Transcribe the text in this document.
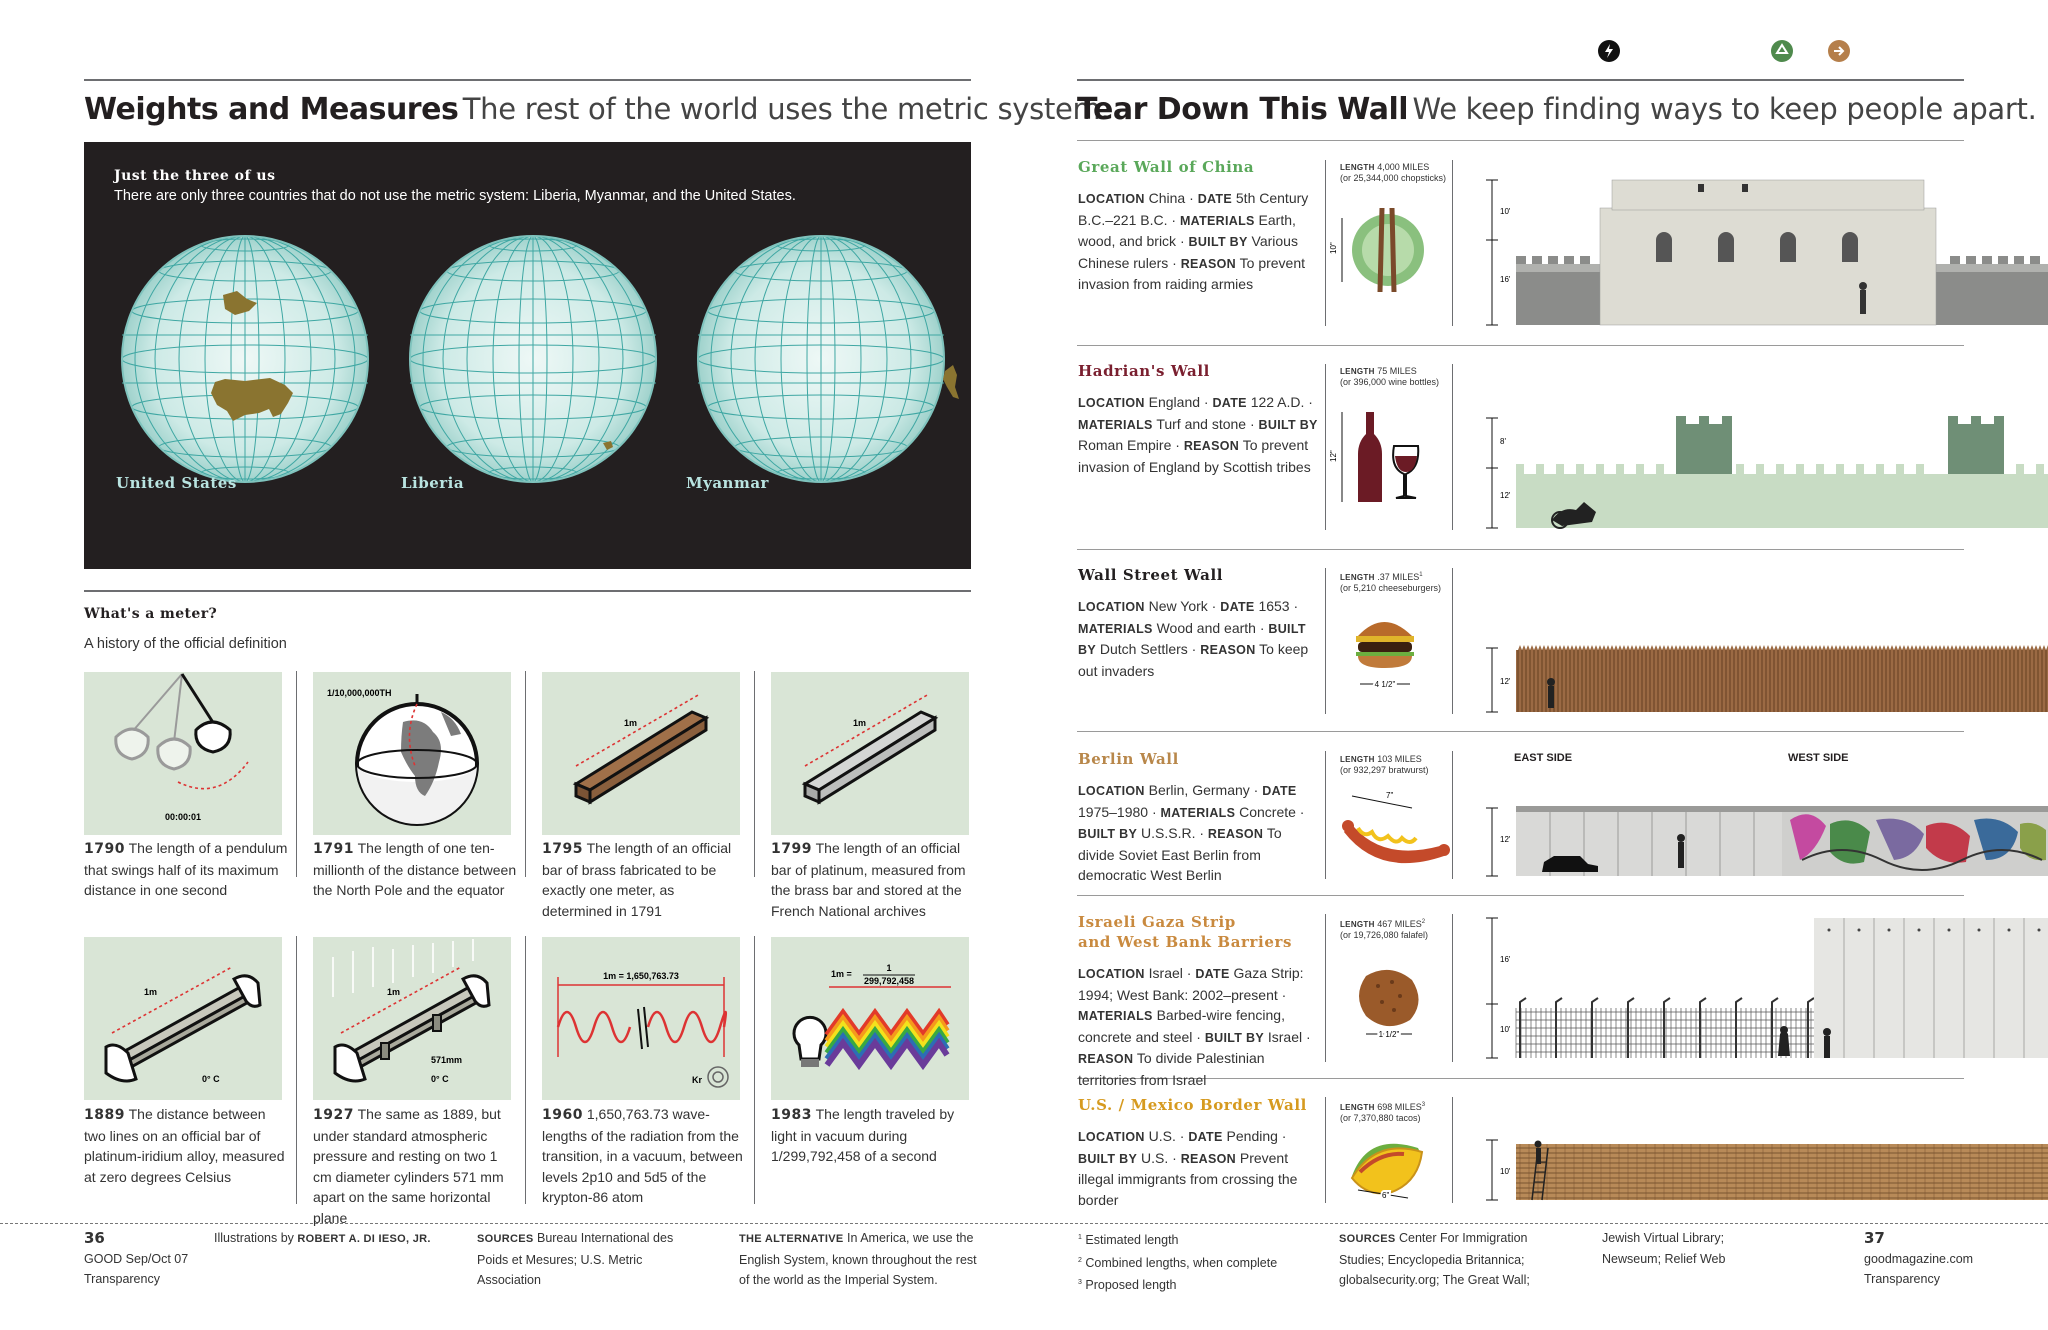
Weights and Measures The rest of the world uses the metric system.
Just the three of us
There are only three countries that do not use the metric system: Liberia, Myanmar, and the United States.
United States	Liberia	Myanmar
What's a meter?
A history of the official definition
00:00:01
1/10,000,000TH
1m	1m
1790 The length of a pendulum that swings half of its maximum distance in one second
1791 The length of one ten-millionth of the distance between the North Pole and the equator
1795 The length of an official bar of brass fabricated to be exactly one meter, as determined in 1791
1799 The length of an official bar of platinum, measured from the brass bar and stored at the French National archives
1m
0° C
1m
571mm
0° C
1m = 1,650,763.73
Kr
1m =
1
299,792,458
1889 The distance between two lines on an official bar of platinum-iridium alloy, measured at zero degrees Celsius
1927 The same as 1889, but under standard atmospheric pressure and resting on two 1 cm diameter cylinders 571 mm apart on the same horizontal plane
1960 1,650,763.73 wave-lengths of the radiation from the transition, in a vacuum, between levels 2p10 and 5d5 of the krypton-86 atom
1983 The length traveled by light in vacuum during 1/299,792,458 of a second
Tear Down This Wall We keep finding ways to keep people apart.
Great Wall of China
LOCATION China · DATE 5th Century B.C.–221 B.C. · MATERIALS Earth, wood, and brick · BUILT BY Various Chinese rulers · REASON To prevent invasion from raiding armies
LENGTH 4,000 MILES
(or 25,344,000 chopsticks)
10"
10'
16'
Hadrian's Wall
LOCATION England · DATE 122 A.D. · MATERIALS Turf and stone · BUILT BY Roman Empire · REASON To prevent invasion of England by Scottish tribes
LENGTH 75 MILES
(or 396,000 wine bottles)
12"
8'
12'
Wall Street Wall
LOCATION New York · DATE 1653 · MATERIALS Wood and earth · BUILT BY Dutch Settlers · REASON To keep out invaders
LENGTH .37 MILES$^1$
(or 5,210 cheeseburgers)
4 1/2"	12'
Berlin Wall
LOCATION Berlin, Germany · DATE 1975–1980 · MATERIALS Concrete · BUILT BY U.S.S.R. · REASON To divide Soviet East Berlin from democratic West Berlin
LENGTH 103 MILES
(or 932,297 bratwurst)
7"
EAST SIDE	WEST SIDE
12'
Israeli Gaza Strip
and West Bank Barriers
LOCATION Israel · DATE Gaza Strip: 1994; West Bank: 2002–present · MATERIALS Barbed-wire fencing, concrete and steel · BUILT BY Israel · REASON To divide Palestinian territories from Israel
LENGTH 467 MILES$^2$
(or 19,726,080 falafel)
1 1/2"
16'
10'
U.S. / Mexico Border Wall
LOCATION U.S. · DATE Pending · BUILT BY U.S. · REASON Prevent illegal immigrants from crossing the border
LENGTH 698 MILES$^3$
(or 7,370,880 tacos)
6"
10'
36
GOOD Sep/Oct 07
Transparency
Illustrations by ROBERT A. DI IESO, JR.	SOURCES Bureau International des Poids et Mesures; U.S. Metric Association
THE ALTERNATIVE In America, we use the English System, known throughout the rest of the world as the Imperial System.
$^1$ Estimated length
$^2$ Combined lengths, when complete
$^3$ Proposed length
SOURCES Center For Immigration Studies; Encyclopedia Britannica; globalsecurity.org; The Great Wall;
Jewish Virtual Library; Newseum; Relief Web
37
goodmagazine.com
Transparency
